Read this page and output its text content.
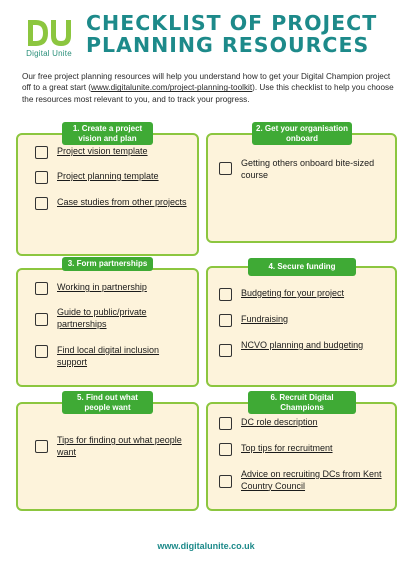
Digital Unite
CHECKLIST OF PROJECT PLANNING RESOURCES
Our free project planning resources will help you understand how to get your Digital Champion project off to a great start (www.digitalunite.com/project-planning-toolkit). Use this checklist to help you choose the resources most relevant to you, and to track your progress.
1. Create a project vision and plan
Project vision template
Project planning template
Case studies from other projects
2. Get your organisation onboard
Getting others onboard bite-sized course
3. Form partnerships
Working in partnership
Guide to public/private partnerships
Find local digital inclusion support
4. Secure funding
Budgeting for your project
Fundraising
NCVO planning and budgeting
5. Find out what people want
Tips for finding out what people want
6. Recruit Digital Champions
DC role description
Top tips for recruitment
Advice on recruiting DCs from Kent Country Council
www.digitalunite.co.uk
